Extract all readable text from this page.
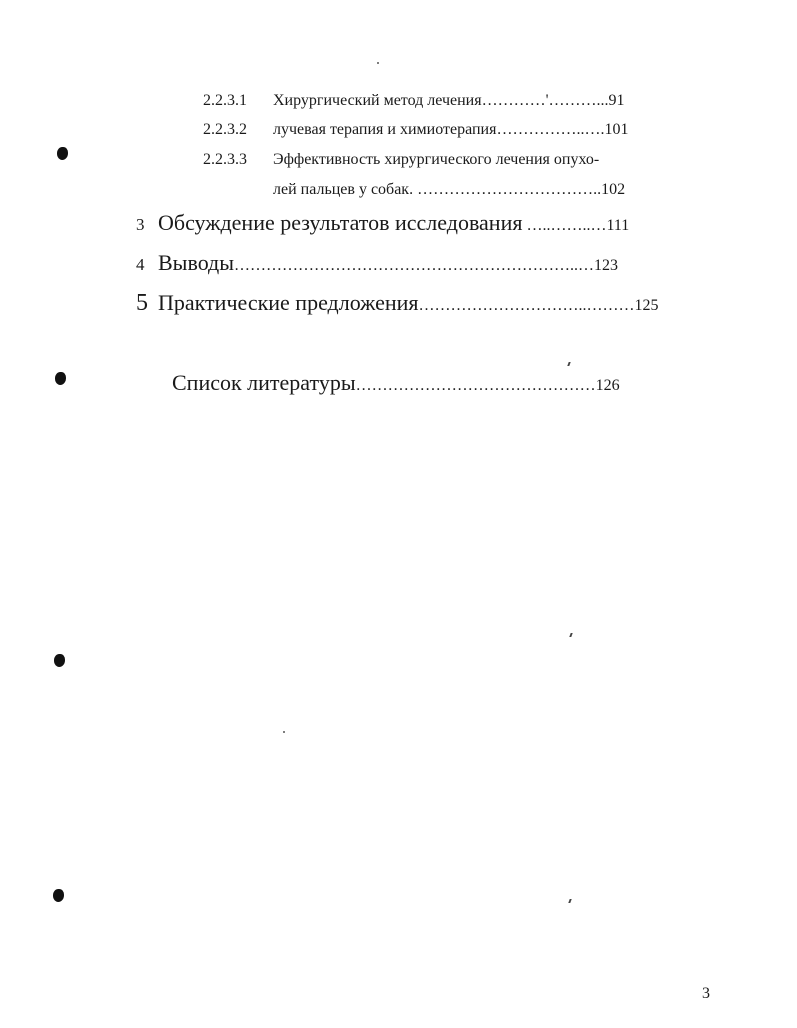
2.2.3.1 Хирургический метод лечения…………'………...91
2.2.3.2 лучевая терапия и химиотерапия……………..….101
2.2.3.3 Эффективность хирургического лечения опухо-
лей пальцев у собак. ……………………………..102
3 Обсуждение результатов исследования …..……..…111
4 Выводы………………………………………………………..…123
5 Практические предложения…………………………..………125
Список литературы………………………………………126
3
